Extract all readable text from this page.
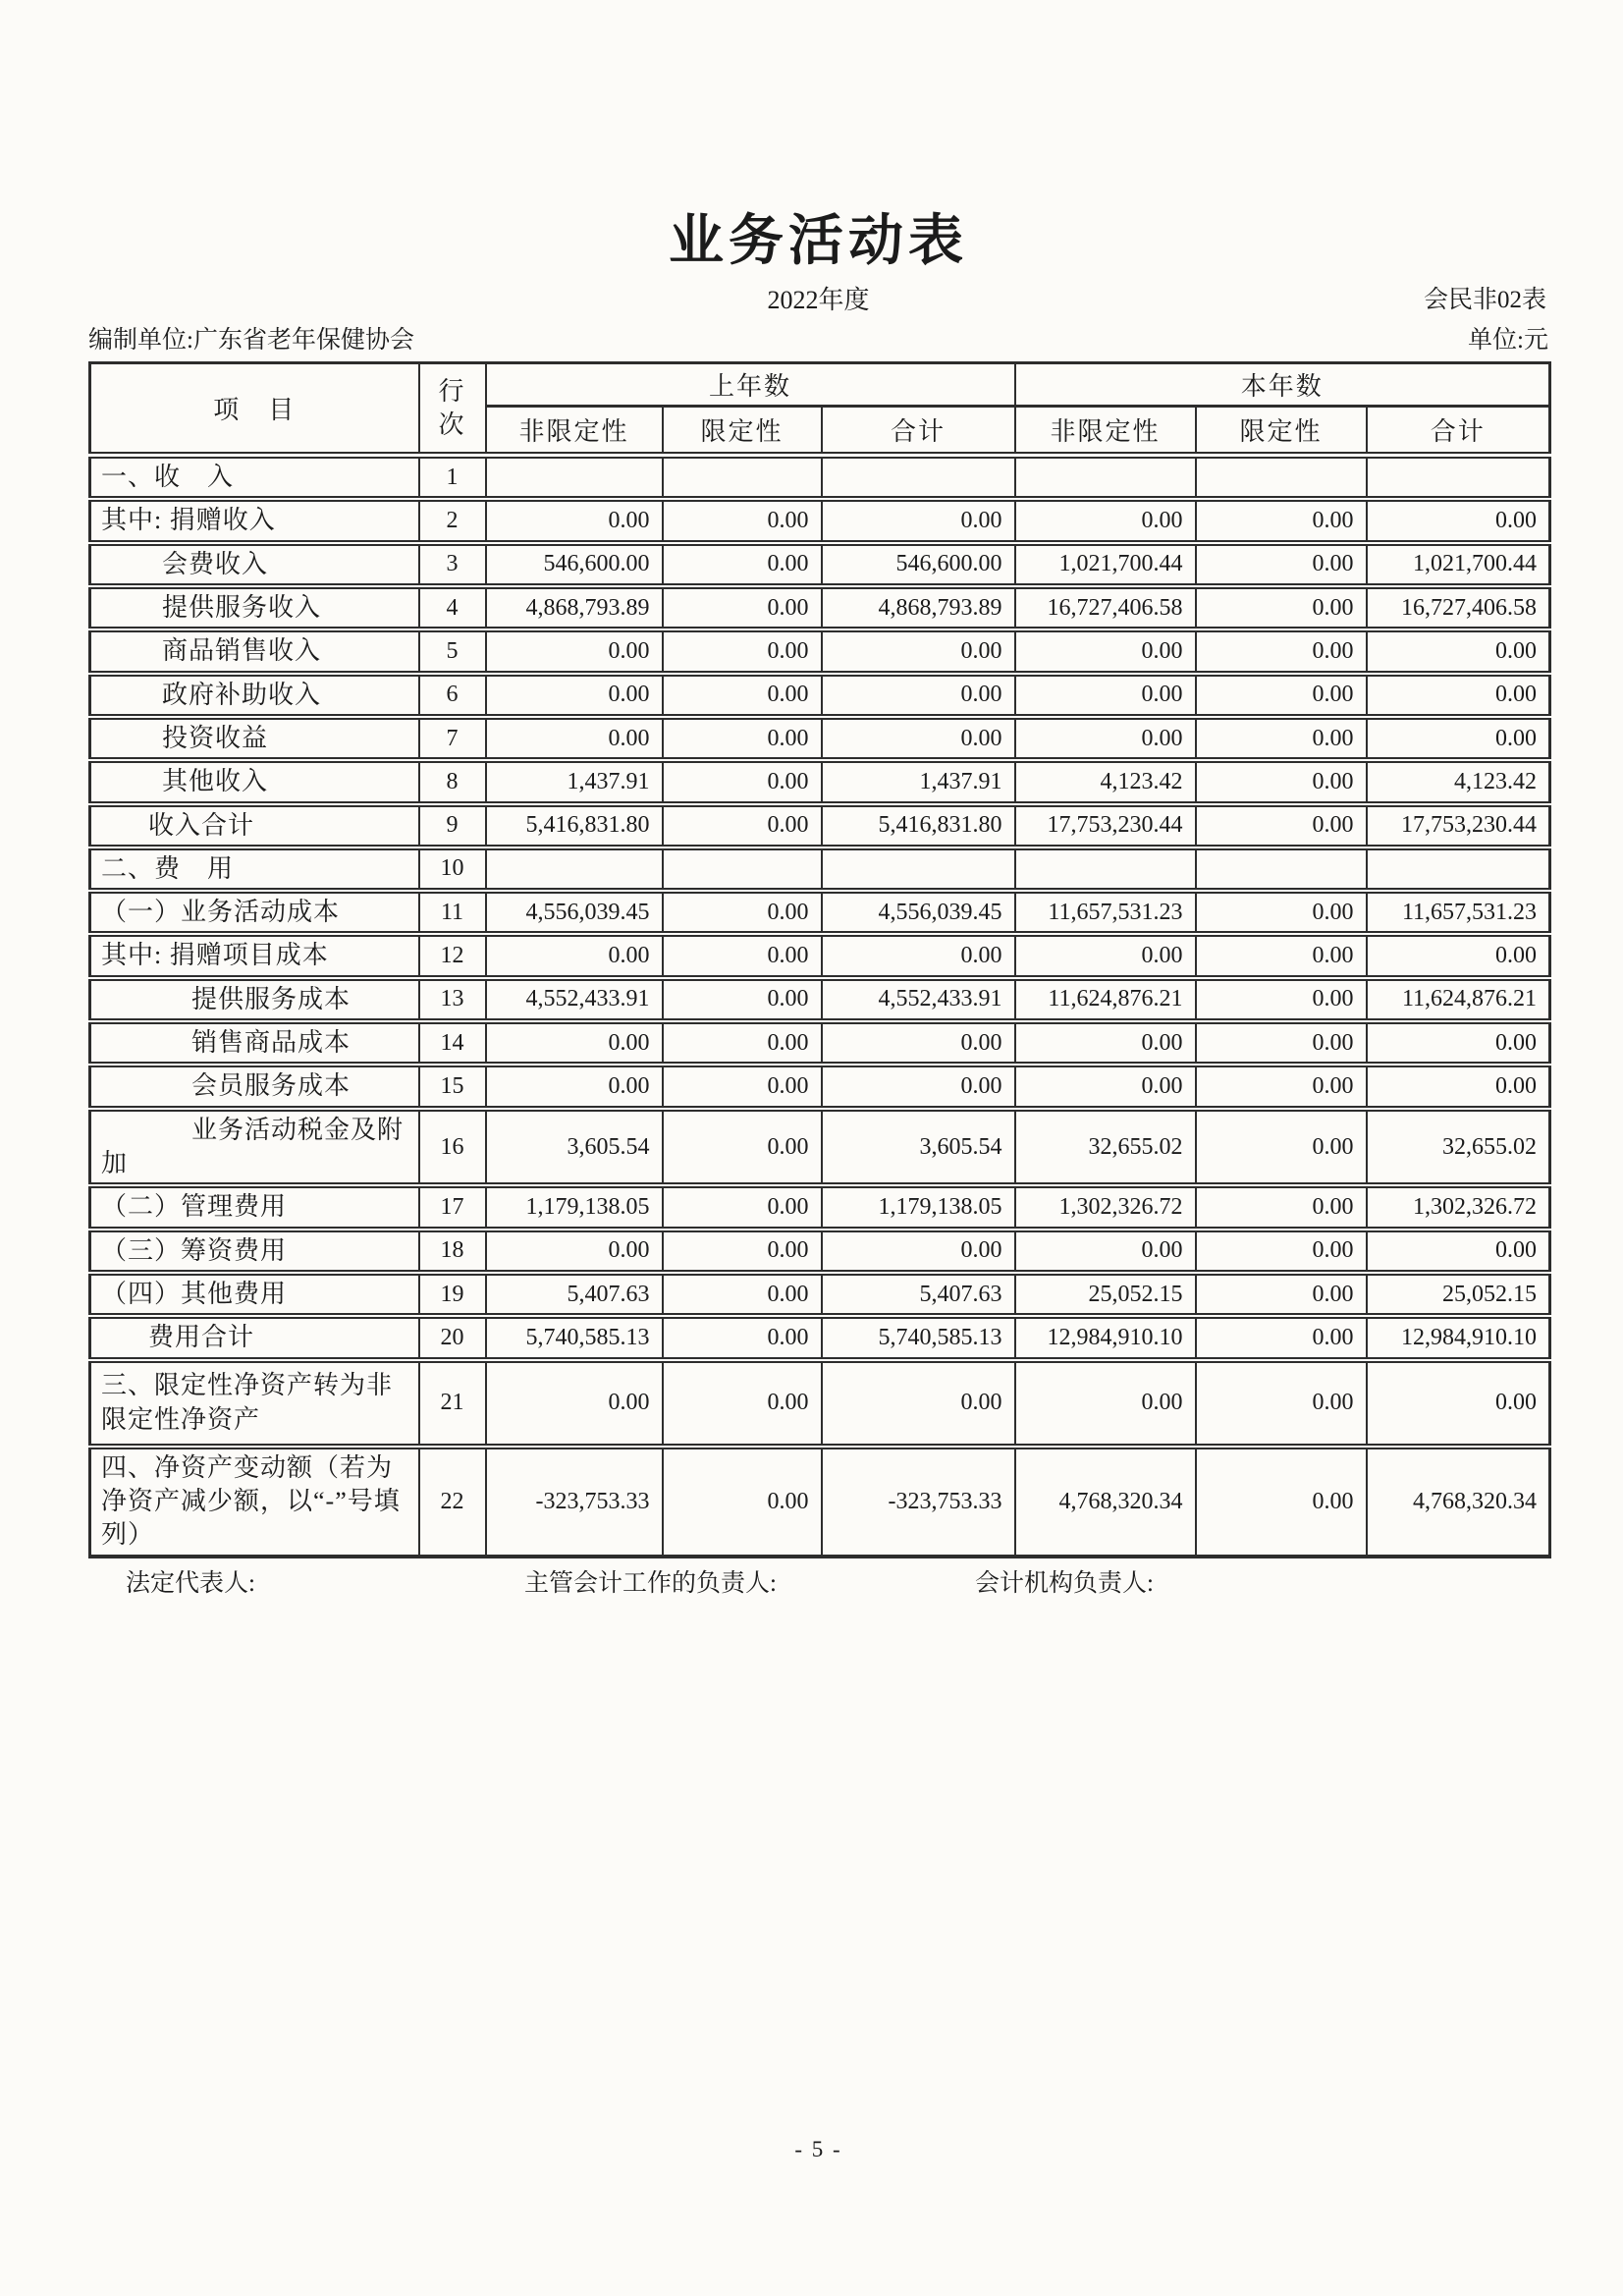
业务活动表
2022年度	会民非02表
编制单位:广东省老年保健协会	单位:元
项　目	行次	上年数			本年数		
		非限定性	限定性	合计	非限定性	限定性	合计
一、收　入	1						
其中: 捐赠收入	2	0.00	0.00	0.00	0.00	0.00	0.00
会费收入	3	546,600.00	0.00	546,600.00	1,021,700.44	0.00	1,021,700.44
提供服务收入	4	4,868,793.89	0.00	4,868,793.89	16,727,406.58	0.00	16,727,406.58
商品销售收入	5	0.00	0.00	0.00	0.00	0.00	0.00
政府补助收入	6	0.00	0.00	0.00	0.00	0.00	0.00
投资收益	7	0.00	0.00	0.00	0.00	0.00	0.00
其他收入	8	1,437.91	0.00	1,437.91	4,123.42	0.00	4,123.42
收入合计	9	5,416,831.80	0.00	5,416,831.80	17,753,230.44	0.00	17,753,230.44
二、费　用	10						
（一）业务活动成本	11	4,556,039.45	0.00	4,556,039.45	11,657,531.23	0.00	11,657,531.23
其中: 捐赠项目成本	12	0.00	0.00	0.00	0.00	0.00	0.00
提供服务成本	13	4,552,433.91	0.00	4,552,433.91	11,624,876.21	0.00	11,624,876.21
销售商品成本	14	0.00	0.00	0.00	0.00	0.00	0.00
会员服务成本	15	0.00	0.00	0.00	0.00	0.00	0.00
业务活动税金及附加	16	3,605.54	0.00	3,605.54	32,655.02	0.00	32,655.02
（二）管理费用	17	1,179,138.05	0.00	1,179,138.05	1,302,326.72	0.00	1,302,326.72
（三）筹资费用	18	0.00	0.00	0.00	0.00	0.00	0.00
（四）其他费用	19	5,407.63	0.00	5,407.63	25,052.15	0.00	25,052.15
费用合计	20	5,740,585.13	0.00	5,740,585.13	12,984,910.10	0.00	12,984,910.10
三、限定性净资产转为非限定性净资产	21	0.00	0.00	0.00	0.00	0.00	0.00
四、净资产变动额（若为净资产减少额，以“-”号填列）	22	-323,753.33	0.00	-323,753.33	4,768,320.34	0.00	4,768,320.34
法定代表人:	主管会计工作的负责人:	会计机构负责人:
- 5 -
